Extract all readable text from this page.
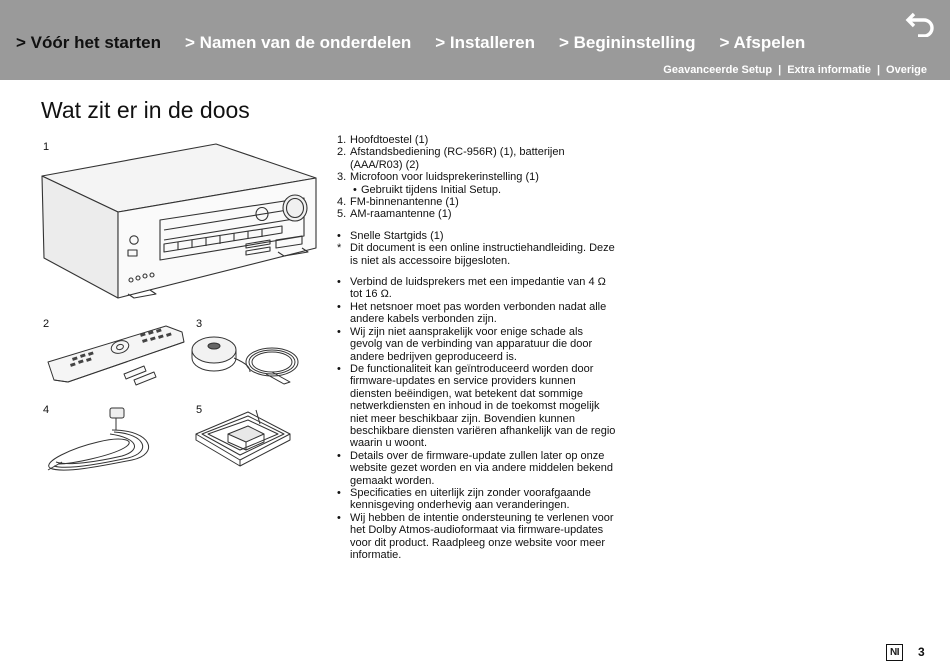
> Vóór het starten > Namen van de onderdelen > Installeren > Begininstelling > Afspelen
Geavanceerde Setup | Extra informatie | Overige
Wat zit er in de doos
1
2	3
4	5
1. Hoofdtoestel (1)
2. Afstandsbediening (RC-956R) (1), batterijen (AAA/R03) (2)
3. Microfoon voor luidsprekerinstelling (1)
• Gebruikt tijdens Initial Setup.
4. FM-binnenantenne (1)
5. AM-raamantenne (1)
• Snelle Startgids (1)
* Dit document is een online instructiehandleiding. Deze is niet als accessoire bijgesloten.
• Verbind de luidsprekers met een impedantie van 4 Ω tot 16 Ω.
• Het netsnoer moet pas worden verbonden nadat alle andere kabels verbonden zijn.
• Wij zijn niet aansprakelijk voor enige schade als gevolg van de verbinding van apparatuur die door andere bedrijven geproduceerd is.
• De functionaliteit kan geïntroduceerd worden door firmware-updates en service providers kunnen diensten beëindigen, wat betekent dat sommige netwerkdiensten en inhoud in de toekomst mogelijk niet meer beschikbaar zijn. Bovendien kunnen beschikbare diensten variëren afhankelijk van de regio waarin u woont.
• Details over de firmware-update zullen later op onze website gezet worden en via andere middelen bekend gemaakt worden.
• Specificaties en uiterlijk zijn zonder voorafgaande kennisgeving onderhevig aan veranderingen.
• Wij hebben de intentie ondersteuning te verlenen voor het Dolby Atmos-audioformaat via firmware-updates voor dit product. Raadpleeg onze website voor meer informatie.
NI	3
